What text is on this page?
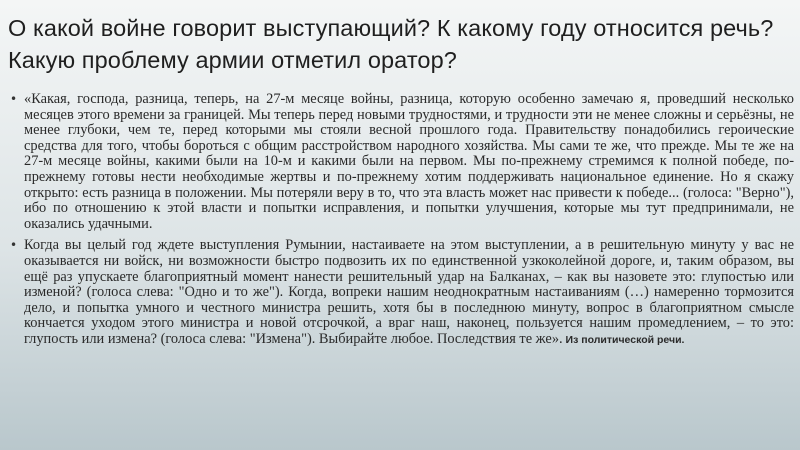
О какой войне говорит выступающий? К какому году относится речь? Какую проблему армии отметил оратор?
• «Какая, господа, разница, теперь, на 27-м месяце войны, разница, которую особенно замечаю я, проведший несколько месяцев этого времени за границей. Мы теперь перед новыми трудностями, и трудности эти не менее сложны и серьёзны, не менее глубоки, чем те, перед которыми мы стояли весной прошлого года. Правительству понадобились героические средства для того, чтобы бороться с общим расстройством народного хозяйства. Мы сами те же, что прежде. Мы те же на 27-м месяце войны, какими были на 10-м и какими были на первом. Мы по-прежнему стремимся к полной победе, по-прежнему готовы нести необходимые жертвы и по-прежнему хотим поддерживать национальное единение. Но я скажу открыто: есть разница в положении. Мы потеряли веру в то, что эта власть может нас привести к победе... (голоса: "Верно"), ибо по отношению к этой власти и попытки исправления, и попытки улучшения, которые мы тут предпринимали, не оказались удачными.
• Когда вы целый год ждете выступления Румынии, настаиваете на этом выступлении, а в решительную минуту у вас не оказывается ни войск, ни возможности быстро подвозить их по единственной узкоколейной дороге, и, таким образом, вы ещё раз упускаете благоприятный момент нанести решительный удар на Балканах, – как вы назовете это: глупостью или изменой? (голоса слева: "Одно и то же"). Когда, вопреки нашим неоднократным настаиваниям (…) намеренно тормозится дело, и попытка умного и честного министра решить, хотя бы в последнюю минуту, вопрос в благоприятном смысле кончается уходом этого министра и новой отсрочкой, а враг наш, наконец, пользуется нашим промедлением, – то это: глупость или измена? (голоса слева: "Измена"). Выбирайте любое. Последствия те же». Из политической речи.
